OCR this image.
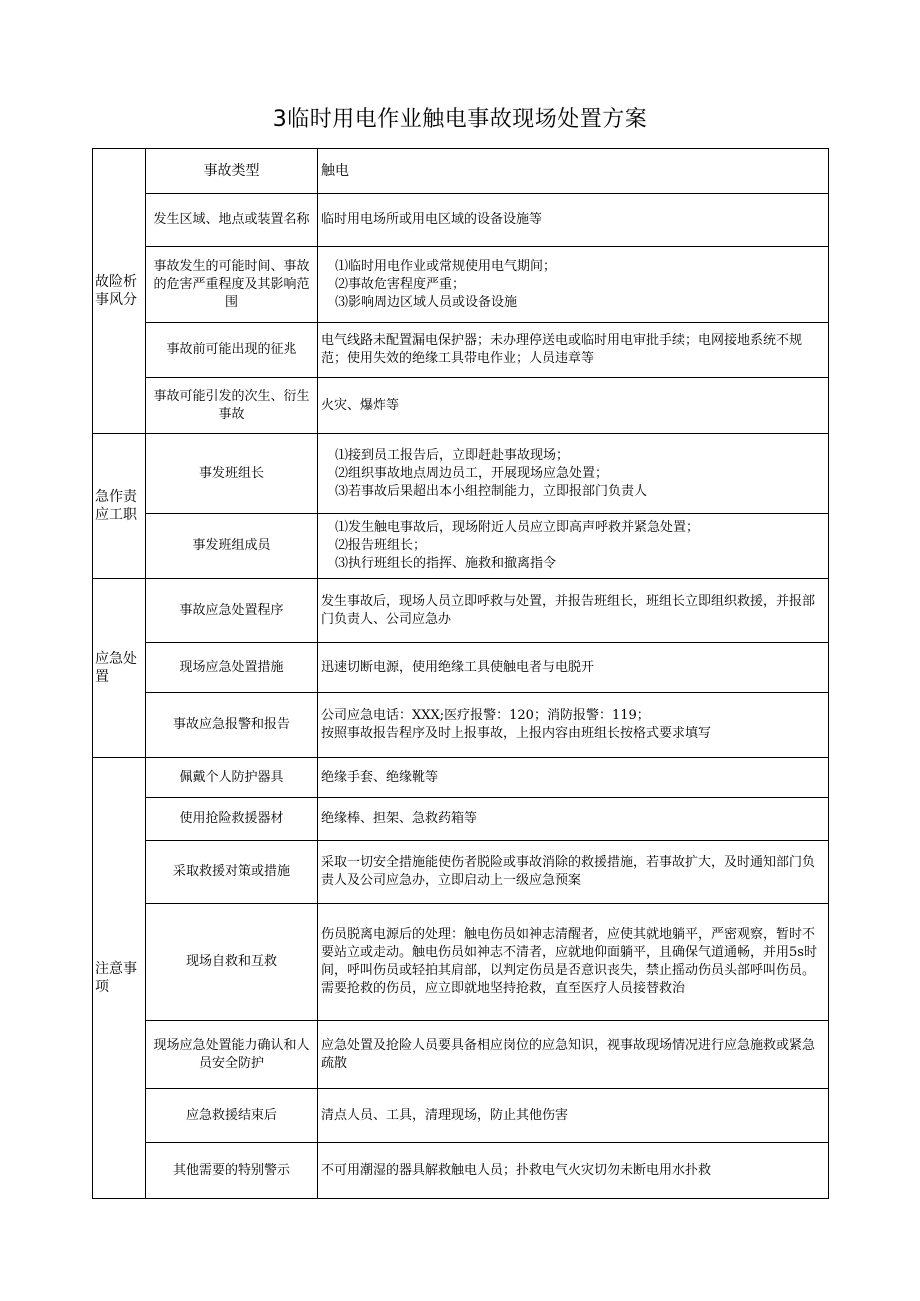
3临时用电作业触电事故现场处置方案
故险析事风分	事故类型	触电
	发生区域、地点或装置名称	临时用电场所或用电区域的设备设施等

	事故发生的可能时间、事故的危害严重程度及其影响范围	⑴临时用电作业或常规使用电气期间；
⑵事故危害程度严重；
⑶影响周边区域人员或设备设施

	事故前可能出现的征兆	电气线路未配置漏电保护器；未办理停送电或临时用电审批手续；电网接地系统不规范；使用失效的绝缘工具带电作业；人员违章等

	事故可能引发的次生、衍生事故	火灾、爆炸等

急作责应工职	事发班组长	⑴接到员工报告后，立即赶赴事故现场；
⑵组织事故地点周边员工，开展现场应急处置；
⑶若事故后果超出本小组控制能力，立即报部门负责人

	事发班组成员	⑴发生触电事故后，现场附近人员应立即高声呼救并紧急处置；
⑵报告班组长；
⑶执行班组长的指挥、施救和撤离指令

应急处置	事故应急处置程序	发生事故后，现场人员立即呼救与处置，并报告班组长，班组长立即组织救援，并报部门负责人、公司应急办

	现场应急处置措施	迅速切断电源，使用绝缘工具使触电者与电脱开

	事故应急报警和报告	公司应急电话：XXX;医疗报警：120；消防报警：119；
按照事故报告程序及时上报事故，上报内容由班组长按格式要求填写

注意事项	佩戴个人防护器具	绝缘手套、绝缘靴等

	使用抢险救援器材	绝缘棒、担架、急救药箱等

	采取救援对策或措施	采取一切安全措施能使伤者脱险或事故消除的救援措施，若事故扩大，及时通知部门负责人及公司应急办，立即启动上一级应急预案

	现场自救和互救	伤员脱离电源后的处理：触电伤员如神志清醒者，应使其就地躺平，严密观察，暂时不要站立或走动。触电伤员如神志不清者，应就地仰面躺平，且确保气道通畅，并用5s时间，呼叫伤员或轻拍其肩部，以判定伤员是否意识丧失，禁止摇动伤员头部呼叫伤员。需要抢救的伤员，应立即就地坚持抢救，直至医疗人员接替救治

	现场应急处置能力确认和人员安全防护	应急处置及抢险人员要具备相应岗位的应急知识，视事故现场情况进行应急施救或紧急疏散

	应急救援结束后	清点人员、工具，清理现场，防止其他伤害

	其他需要的特别警示	不可用潮湿的器具解救触电人员；扑救电气火灾切勿未断电用水扑救
